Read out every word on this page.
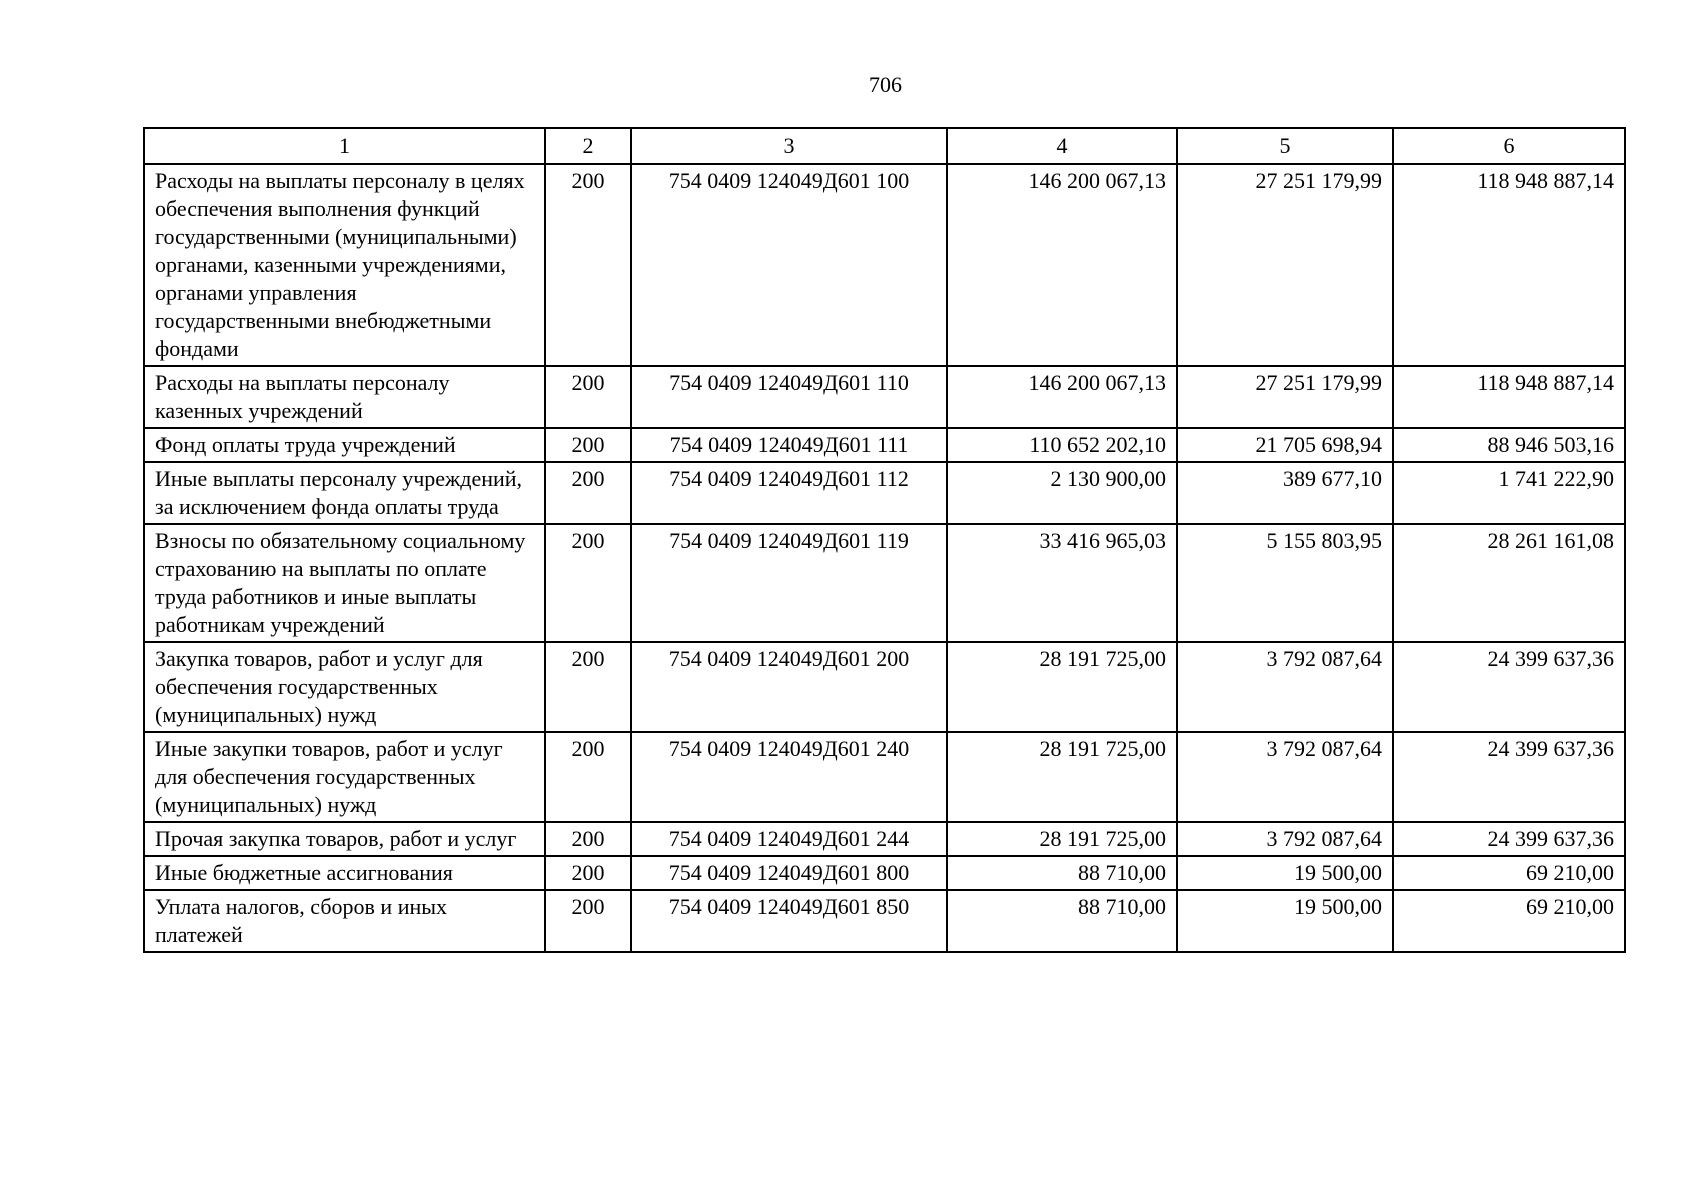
706
1	2	3	4	5	6
Расходы на выплаты персоналу в целях обеспечения выполнения функций государственными (муниципальными) органами, казенными учреждениями, органами управления государственными внебюджетными фондами	200	754 0409 124049Д601 100	146 200 067,13	27 251 179,99	118 948 887,14
Расходы на выплаты персоналу казенных учреждений	200	754 0409 124049Д601 110	146 200 067,13	27 251 179,99	118 948 887,14
Фонд оплаты труда учреждений	200	754 0409 124049Д601 111	110 652 202,10	21 705 698,94	88 946 503,16
Иные выплаты персоналу учреждений, за исключением фонда оплаты труда	200	754 0409 124049Д601 112	2 130 900,00	389 677,10	1 741 222,90
Взносы по обязательному социальному страхованию на выплаты по оплате труда работников и иные выплаты работникам учреждений	200	754 0409 124049Д601 119	33 416 965,03	5 155 803,95	28 261 161,08
Закупка товаров, работ и услуг для обеспечения государственных (муниципальных) нужд	200	754 0409 124049Д601 200	28 191 725,00	3 792 087,64	24 399 637,36
Иные закупки товаров, работ и услуг для обеспечения государственных (муниципальных) нужд	200	754 0409 124049Д601 240	28 191 725,00	3 792 087,64	24 399 637,36
Прочая закупка товаров, работ и услуг	200	754 0409 124049Д601 244	28 191 725,00	3 792 087,64	24 399 637,36
Иные бюджетные ассигнования	200	754 0409 124049Д601 800	88 710,00	19 500,00	69 210,00
Уплата налогов, сборов и иных платежей	200	754 0409 124049Д601 850	88 710,00	19 500,00	69 210,00
